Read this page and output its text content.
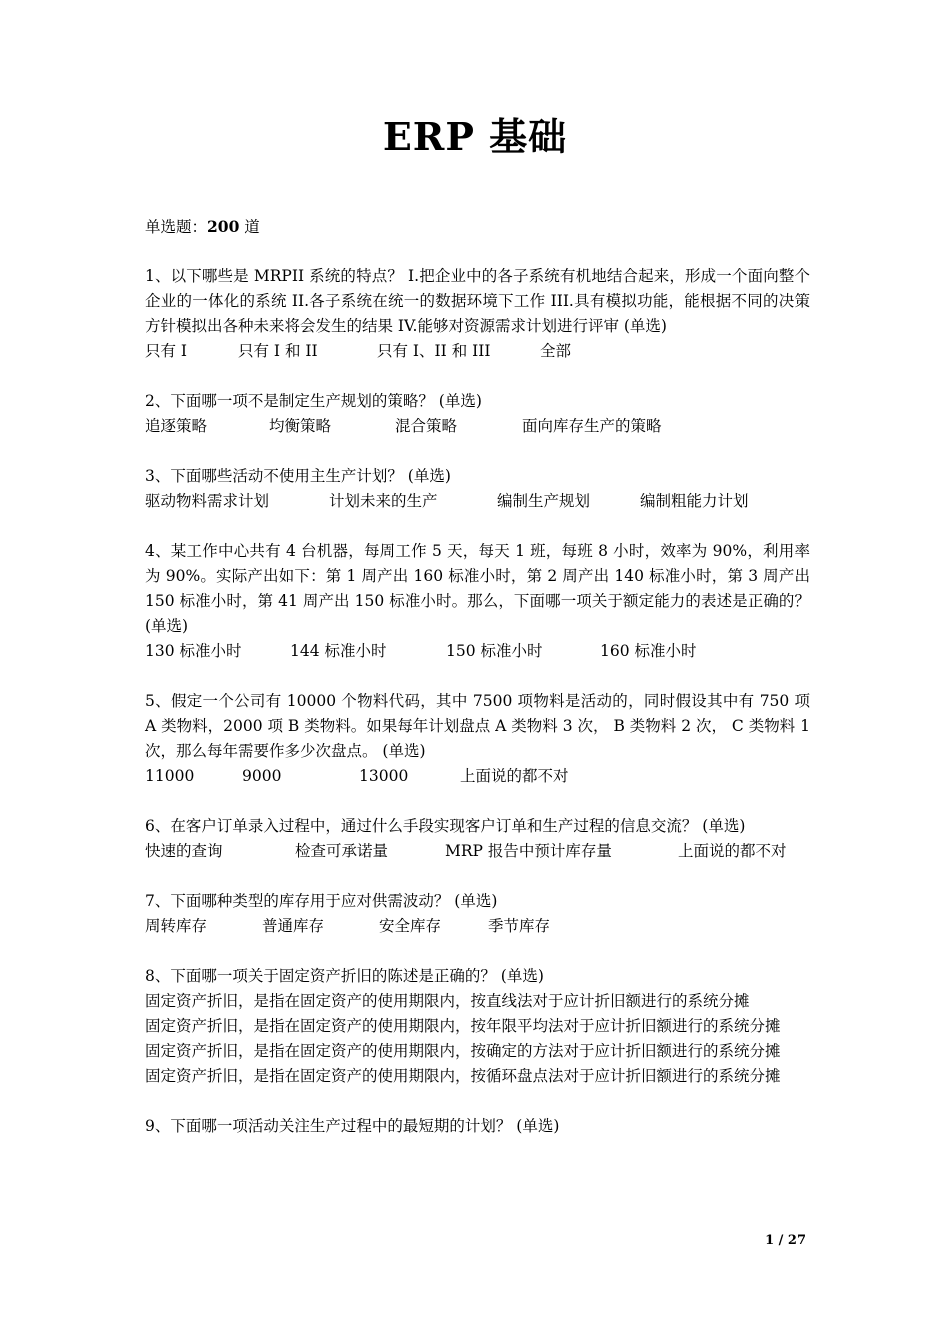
ERP 基础
单选题：200 道

1、以下哪些是 MRPII 系统的特点？ I.把企业中的各子系统有机地结合起来，形成一个面向整个企业的一体化的系统 II.各子系统在统一的数据环境下工作 III.具有模拟功能，能根据不同的决策方针模拟出各种未来将会发生的结果 IV.能够对资源需求计划进行评审 (单选)

只有 I	只有 I 和 II	只有 I、II 和 III	全部

2、下面哪一项不是制定生产规划的策略？ (单选)

追逐策略	均衡策略	混合策略	面向库存生产的策略

3、下面哪些活动不使用主生产计划？ (单选)

驱动物料需求计划	计划未来的生产	编制生产规划	编制粗能力计划

4、某工作中心共有 4 台机器，每周工作 5 天，每天 1 班，每班 8 小时，效率为 90%，利用率为 90%。实际产出如下：第 1 周产出 160 标准小时，第 2 周产出 140 标准小时，第 3 周产出 150 标准小时，第 41 周产出 150 标准小时。那么，下面哪一项关于额定能力的表述是正确的？ (单选)

130 标准小时	144 标准小时	150 标准小时	160 标准小时

5、假定一个公司有 10000 个物料代码，其中 7500 项物料是活动的，同时假设其中有 750 项 A 类物料，2000 项 B 类物料。如果每年计划盘点 A 类物料 3 次， B 类物料 2 次， C 类物料 1 次，那么每年需要作多少次盘点。 (单选)

11000	9000	13000	上面说的都不对

6、在客户订单录入过程中，通过什么手段实现客户订单和生产过程的信息交流？ (单选)

快速的查询	检查可承诺量	MRP 报告中预计库存量	上面说的都不对

7、下面哪种类型的库存用于应对供需波动？ (单选)

周转库存	普通库存	安全库存	季节库存

8、下面哪一项关于固定资产折旧的陈述是正确的？ (单选)

固定资产折旧，是指在固定资产的使用期限内，按直线法对于应计折旧额进行的系统分摊

固定资产折旧，是指在固定资产的使用期限内，按年限平均法对于应计折旧额进行的系统分摊

固定资产折旧，是指在固定资产的使用期限内，按确定的方法对于应计折旧额进行的系统分摊

固定资产折旧，是指在固定资产的使用期限内，按循环盘点法对于应计折旧额进行的系统分摊

9、下面哪一项活动关注生产过程中的最短期的计划？ (单选)

1 / 27
